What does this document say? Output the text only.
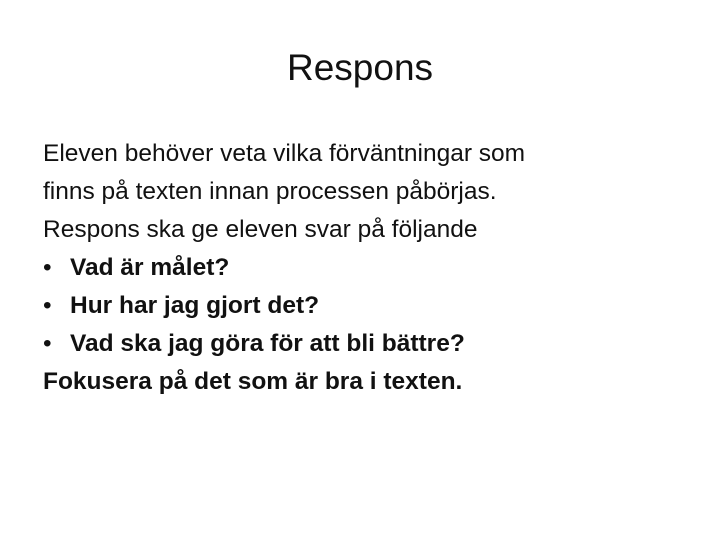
Respons
Eleven behöver veta vilka förväntningar som
finns på texten innan processen påbörjas.
Respons ska ge eleven svar på följande
• Vad är målet?
• Hur har jag gjort det?
• Vad ska jag göra för att bli bättre?
Fokusera på det som är bra i texten.
